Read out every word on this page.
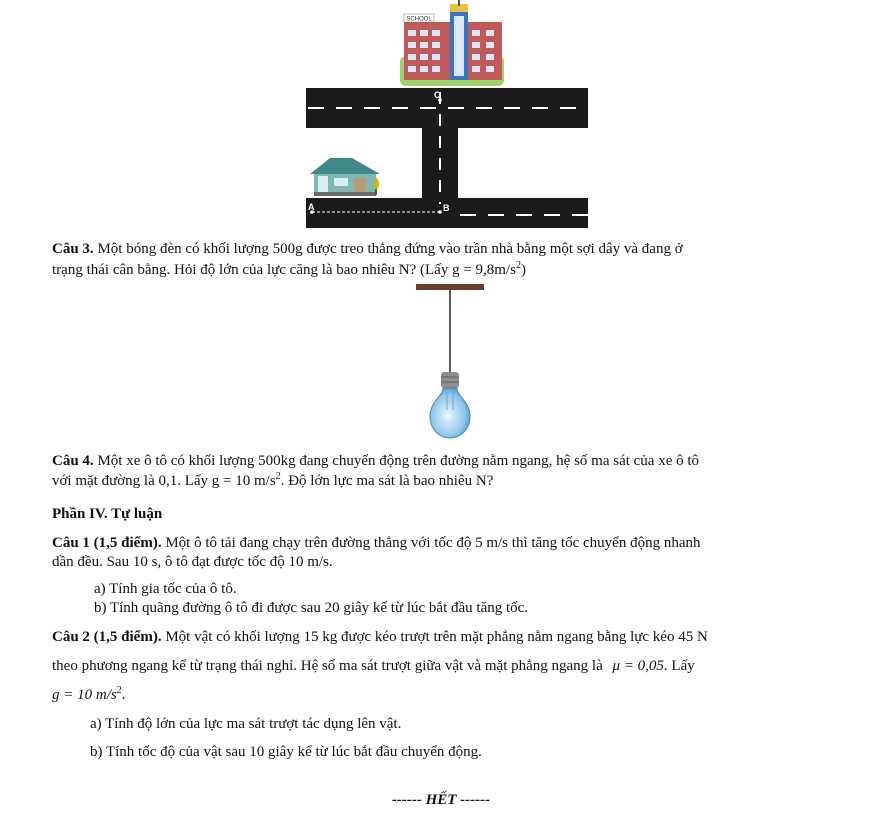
SCHOOL
C
A	B
Câu 3. Một bóng đèn có khối lượng 500g được treo thẳng đứng vào trần nhà bằng một sợi dây và đang ở
trạng thái cân bằng. Hỏi độ lớn của lực căng là bao nhiêu N? (Lấy $g = 9,8m/s^2$)
Câu 4. Một xe ô tô có khối lượng 500kg đang chuyển động trên đường nằm ngang, hệ số ma sát của xe ô tô
với mặt đường là 0,1. Lấy g = 10 $m/s^2$. Độ lớn lực ma sát là bao nhiêu N?
Phần IV. Tự luận
Câu 1 (1,5 điểm). Một ô tô tải đang chạy trên đường thẳng với tốc độ 5 m/s thì tăng tốc chuyển động nhanh
dần đều. Sau 10 s, ô tô đạt được tốc độ 10 m/s.
a) Tính gia tốc của ô tô.
b) Tính quãng đường ô tô đi được sau 20 giây kể từ lúc bắt đầu tăng tốc.
Câu 2 (1,5 điểm). Một vật có khối lượng 15 kg được kéo trượt trên mặt phẳng nằm ngang bằng lực kéo 45 N
theo phương ngang kể từ trạng thái nghỉ. Hệ số ma sát trượt giữa vật và mặt phẳng ngang là μ = 0,05. Lấy
g = 10 $m/s^2$.
a) Tính độ lớn của lực ma sát trượt tác dụng lên vật.
b) Tính tốc độ của vật sau 10 giây kể từ lúc bắt đầu chuyển động.
------ HẾT ------
